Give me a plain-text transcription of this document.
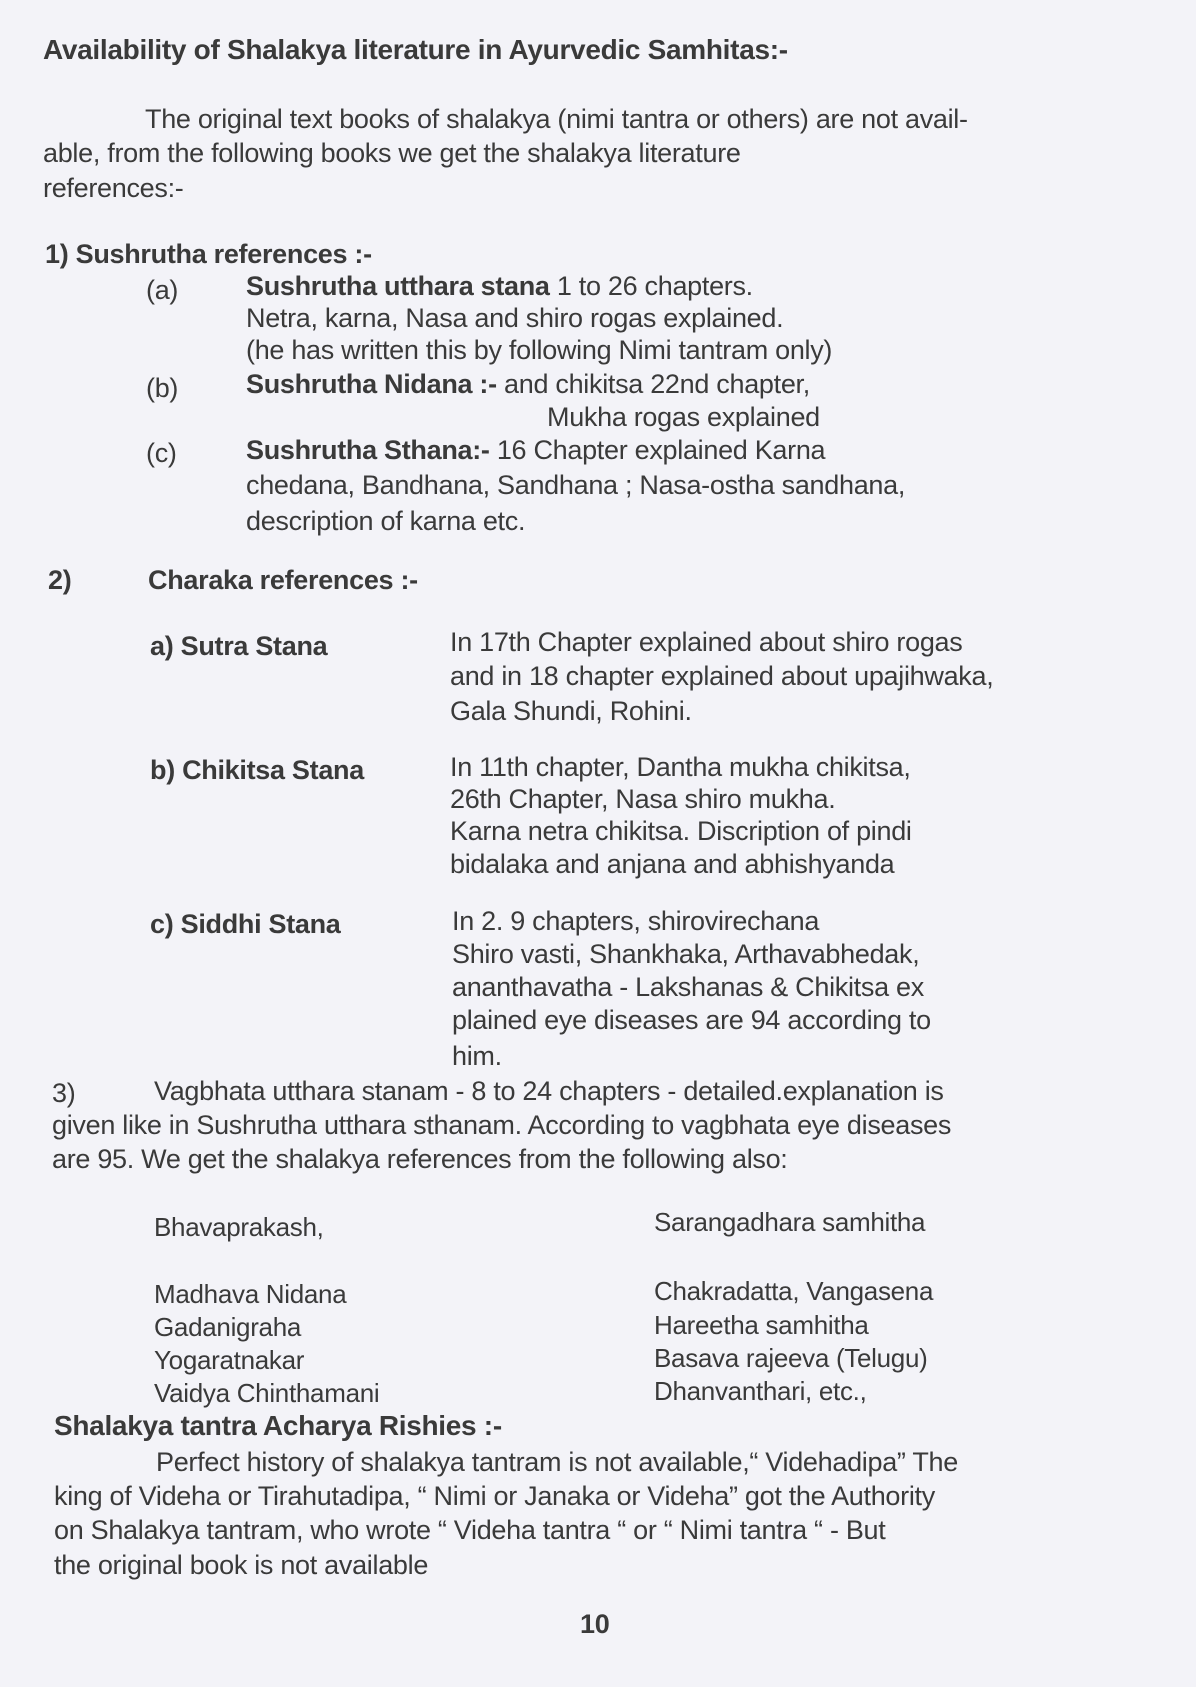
Availability of Shalakya literature in Ayurvedic Samhitas:-
The original text books of shalakya (nimi tantra or others) are not avail-
able, from the following books we get the shalakya literature
references:-
1) Sushrutha references :-
(a)	Sushrutha utthara stana 1 to 26 chapters.
Netra, karna, Nasa and shiro rogas explained.
(he has written this by following Nimi tantram only)
(b)	Sushrutha Nidana :- and chikitsa 22nd chapter,
Mukha rogas explained
(c)	Sushrutha Sthana:- 16 Chapter explained Karna
chedana, Bandhana, Sandhana ; Nasa-ostha sandhana,
description of karna etc.
2)	Charaka references :-
a) Sutra Stana	In 17th Chapter explained about shiro rogas
and in 18 chapter explained about upajihwaka,
Gala Shundi, Rohini.
b) Chikitsa Stana	In 11th chapter, Dantha mukha chikitsa,
26th Chapter, Nasa shiro mukha.
Karna netra chikitsa. Discription of pindi
bidalaka and anjana and abhishyanda
c) Siddhi Stana	In 2. 9 chapters, shirovirechana
Shiro vasti, Shankhaka, Arthavabhedak,
ananthavatha - Lakshanas & Chikitsa ex
plained eye diseases are 94 according to
him.
3)	Vagbhata utthara stanam - 8 to 24 chapters - detailed.explanation is
given like in Sushrutha utthara sthanam. According to vagbhata eye diseases
are 95. We get the shalakya references from the following also:
Bhavaprakash,
Madhava Nidana
Gadanigraha
Yogaratnakar
Vaidya Chinthamani
Sarangadhara samhitha
Chakradatta, Vangasena
Hareetha samhitha
Basava rajeeva (Telugu)
Dhanvanthari, etc.,
Shalakya tantra Acharya Rishies :-
Perfect history of shalakya tantram is not available,“ Videhadipa” The
king of Videha or Tirahutadipa, “ Nimi or Janaka or Videha” got the Authority
on Shalakya tantram, who wrote “ Videha tantra “ or “ Nimi tantra “ - But
the original book is not available
10
